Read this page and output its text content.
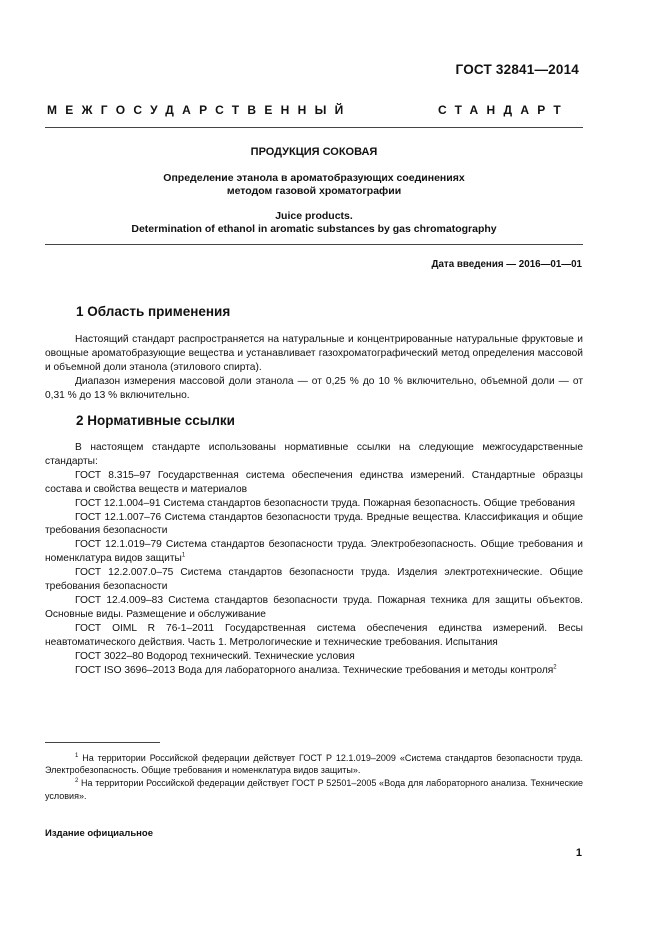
ГОСТ 32841—2014
МЕЖГОСУДАРСТВЕННЫЙ	СТАНДАРТ
ПРОДУКЦИЯ СОКОВАЯ
Определение этанола в ароматобразующих соединениях
методом газовой хроматографии
Juice products.
Determination of ethanol in aromatic substances by gas chromatography
Дата введения — 2016—01—01
1 Область применения

Настоящий стандарт распространяется на натуральные и концентрированные натуральные фруктовые и овощные ароматобразующие вещества и устанавливает газохроматографический метод определения массовой и объемной доли этанола (этилового спирта).

Диапазон измерения массовой доли этанола — от 0,25 % до 10 % включительно, объемной доли — от 0,31 % до 13 % включительно.

2 Нормативные ссылки

В настоящем стандарте использованы нормативные ссылки на следующие межгосударственные стандарты:

ГОСТ 8.315–97 Государственная система обеспечения единства измерений. Стандартные образцы состава и свойства веществ и материалов

ГОСТ 12.1.004–91 Система стандартов безопасности труда. Пожарная безопасность. Общие требования

ГОСТ 12.1.007–76 Система стандартов безопасности труда. Вредные вещества. Классификация и общие требования безопасности

ГОСТ 12.1.019–79 Система стандартов безопасности труда. Электробезопасность. Общие требования и номенклатура видов защиты$^1$

ГОСТ 12.2.007.0–75 Система стандартов безопасности труда. Изделия электротехнические. Общие требования безопасности

ГОСТ 12.4.009–83 Система стандартов безопасности труда. Пожарная техника для защиты объектов. Основные виды. Размещение и обслуживание

ГОСТ OIML R 76-1–2011 Государственная система обеспечения единства измерений. Весы неавтоматического действия. Часть 1. Метрологические и технические требования. Испытания

ГОСТ 3022–80 Водород технический. Технические условия

ГОСТ ISO 3696–2013 Вода для лабораторного анализа. Технические требования и методы контроля$^2$

$^1$ На территории Российской федерации действует ГОСТ Р 12.1.019–2009 «Система стандартов безопасности труда. Электробезопасность. Общие требования и номенклатура видов защиты».

$^2$ На территории Российской федерации действует ГОСТ Р 52501–2005 «Вода для лабораторного анализа. Технические условия».

Издание официальное
1
